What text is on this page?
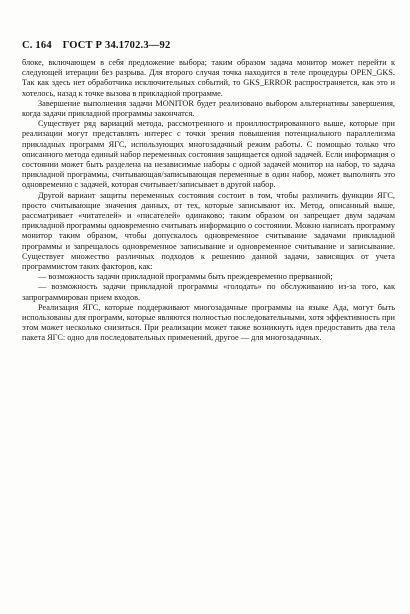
С. 164 ГОСТ Р 34.1702.3—92

блоке, включающем в себя предложение выбора; таким образом задача монитор может перейти к следующей итерации без разрыва. Для второго случая точка находится в теле процедуры OPEN_GKS. Так как здесь нет обработчика исключительных событий, то GKS_ERROR распространяется, как это и хотелось, назад к точке вызова в прикладной программе.

Завершение выполнения задачи MONITOR будет реализовано выбором альтернативы завершения, когда задачи прикладной программы закончатся.

Существует ряд вариаций метода, рассмотренного и проиллюстрированного выше, которые при реализации могут представлять интерес с точки зрения повышения потенциального параллелизма прикладных программ ЯГС, использующих многозадачный режим работы. С помощью только что описанного метода единый набор переменных состояния защищается одной задачей. Если информация о состоянии может быть разделена на независимые наборы с одной задачей монитор на набор, то задача прикладной программы, считывающая/записывающая переменные в один набор, может выполнять это одновременно с задачей, которая считывает/записывает в другой набор.

Другой вариант защиты переменных состояния состоит в том, чтобы различить функции ЯГС, просто считывающие значения данных, от тех, которые записывают их. Метод, описанный выше, рассматривает «читателей» и «писателей» одинаково; таким образом он запрещает двум задачам прикладной программы одновременно считывать информацию о состоянии. Можно написать программу монитор таким образом, чтобы допускалось одновременное считывание задачами прикладной программы и запрещалось одновременное записывание и одновременное считывание и записывание. Существует множество различных подходов к решению данной задачи, зависящих от учета программистом таких факторов, как:

— возможность задачи прикладной программы быть преждевременно прерванной;

— возможность задачи прикладной программы «голодать» по обслуживанию из-за того, как запрограммирован прием входов.

Реализация ЯГС, которые поддерживают многозадачные программы на языке Ада, могут быть использованы для программ, которые являются полностью последовательными, хотя эффективность при этом может несколько снизиться. При реализации может также возникнуть идея предоставить два тела пакета ЯГС: одно для последовательных применений, другое — для многозадачных.
